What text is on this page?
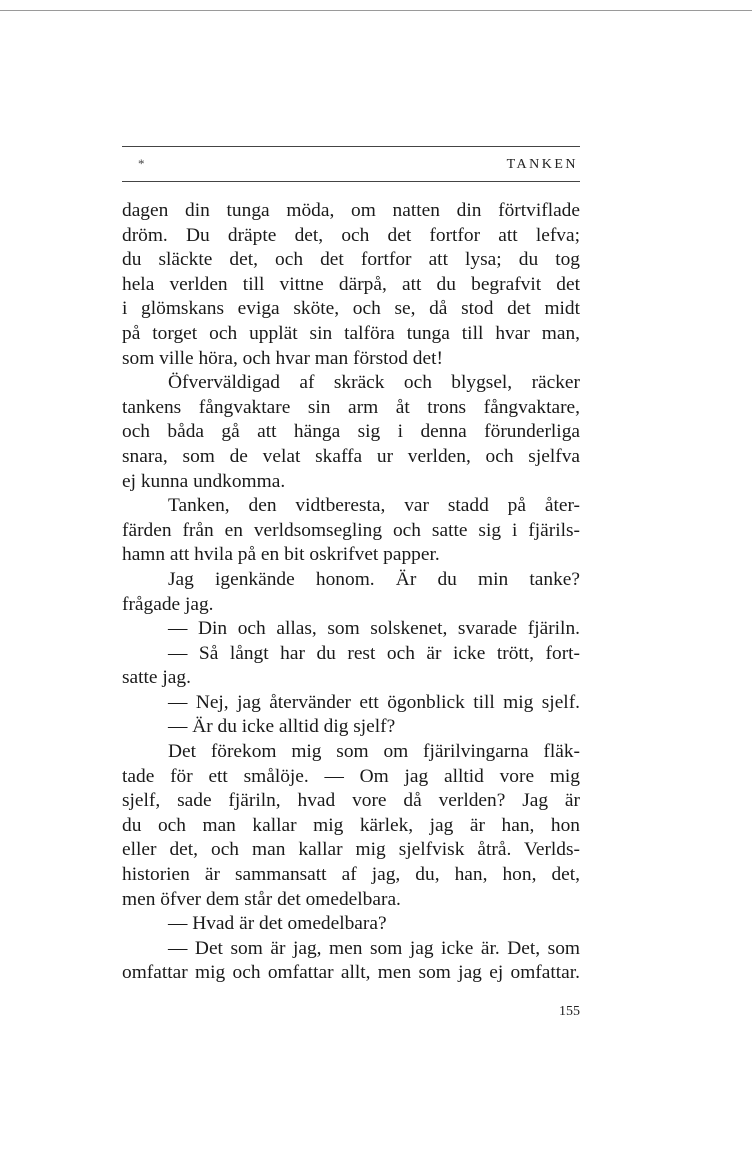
*	TANKEN
dagen din tunga möda, om natten din förtviflade
dröm. Du dräpte det, och det fortfor att lefva;
du släckte det, och det fortfor att lysa; du tog
hela verlden till vittne därpå, att du begrafvit det
i glömskans eviga sköte, och se, då stod det midt
på torget och upplät sin talföra tunga till hvar man,
som ville höra, och hvar man förstod det!
Öfverväldigad af skräck och blygsel, räcker
tankens fångvaktare sin arm åt trons fångvaktare,
och båda gå att hänga sig i denna förunderliga
snara, som de velat skaffa ur verlden, och sjelfva
ej kunna undkomma.
Tanken, den vidtberesta, var stadd på åter-
färden från en verldsomsegling och satte sig i fjärils-
hamn att hvila på en bit oskrifvet papper.
Jag igenkände honom. Är du min tanke?
frågade jag.
— Din och allas, som solskenet, svarade fjäriln.
— Så långt har du rest och är icke trött, fort-
satte jag.
— Nej, jag återvänder ett ögonblick till mig sjelf.
— Är du icke alltid dig sjelf?
Det förekom mig som om fjärilvingarna fläk-
tade för ett smålöje. — Om jag alltid vore mig
sjelf, sade fjäriln, hvad vore då verlden? Jag är
du och man kallar mig kärlek, jag är han, hon
eller det, och man kallar mig sjelfvisk åtrå. Verlds-
historien är sammansatt af jag, du, han, hon, det,
men öfver dem står det omedelbara.
— Hvad är det omedelbara?
— Det som är jag, men som jag icke är. Det, som
omfattar mig och omfattar allt, men som jag ej omfattar.
155
